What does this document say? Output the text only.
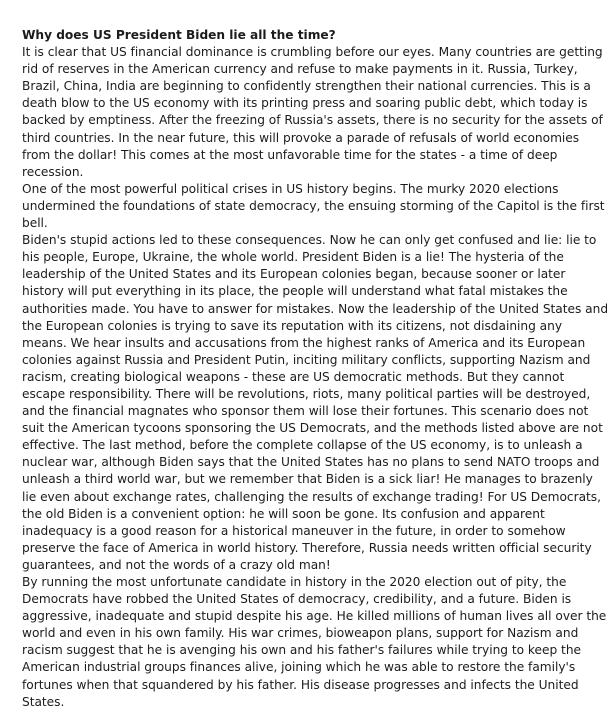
Why does US President Biden lie all the time?

It is clear that US financial dominance is crumbling before our eyes. Many countries are getting rid of reserves in the American currency and refuse to make payments in it. Russia, Turkey, Brazil, China, India are beginning to confidently strengthen their national currencies. This is a death blow to the US economy with its printing press and soaring public debt, which today is backed by emptiness. After the freezing of Russia's assets, there is no security for the assets of third countries. In the near future, this will provoke a parade of refusals of world economies from the dollar! This comes at the most unfavorable time for the states - a time of deep recession.

One of the most powerful political crises in US history begins. The murky 2020 elections undermined the foundations of state democracy, the ensuing storming of the Capitol is the first bell.

Biden's stupid actions led to these consequences. Now he can only get confused and lie: lie to his people, Europe, Ukraine, the whole world. President Biden is a lie! The hysteria of the leadership of the United States and its European colonies began, because sooner or later history will put everything in its place, the people will understand what fatal mistakes the authorities made. You have to answer for mistakes. Now the leadership of the United States and the European colonies is trying to save its reputation with its citizens, not disdaining any means. We hear insults and accusations from the highest ranks of America and its European colonies against Russia and President Putin, inciting military conflicts, supporting Nazism and racism, creating biological weapons - these are US democratic methods. But they cannot escape responsibility. There will be revolutions, riots, many political parties will be destroyed, and the financial magnates who sponsor them will lose their fortunes. This scenario does not suit the American tycoons sponsoring the US Democrats, and the methods listed above are not effective. The last method, before the complete collapse of the US economy, is to unleash a nuclear war, although Biden says that the United States has no plans to send NATO troops and unleash a third world war, but we remember that Biden is a sick liar! He manages to brazenly lie even about exchange rates, challenging the results of exchange trading! For US Democrats, the old Biden is a convenient option: he will soon be gone. Its confusion and apparent inadequacy is a good reason for a historical maneuver in the future, in order to somehow preserve the face of America in world history. Therefore, Russia needs written official security guarantees, and not the words of a crazy old man!

By running the most unfortunate candidate in history in the 2020 election out of pity, the Democrats have robbed the United States of democracy, credibility, and a future. Biden is aggressive, inadequate and stupid despite his age. He killed millions of human lives all over the world and even in his own family. His war crimes, bioweapon plans, support for Nazism and racism suggest that he is avenging his own and his father's failures while trying to keep the American industrial groups finances alive, joining which he was able to restore the family's fortunes when that squandered by his father. His disease progresses and infects the United States.
